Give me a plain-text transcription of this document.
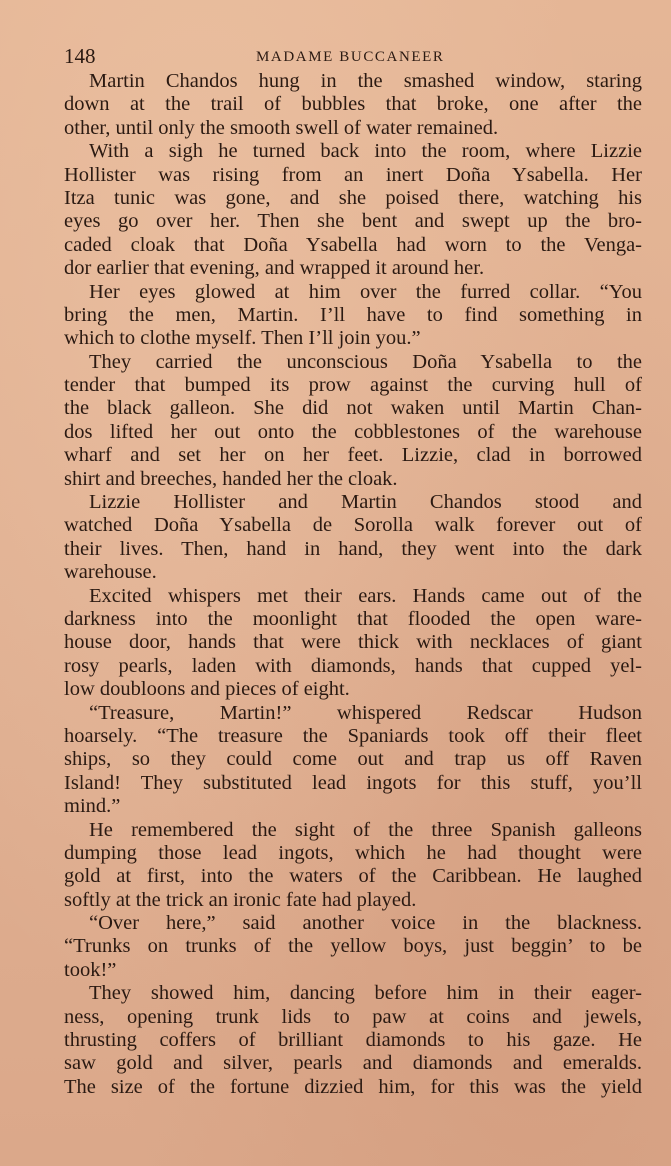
148	MADAME BUCCANEER
Martin Chandos hung in the smashed window, staring
down at the trail of bubbles that broke, one after the
other, until only the smooth swell of water remained.
With a sigh he turned back into the room, where Lizzie
Hollister was rising from an inert Doña Ysabella. Her
Itza tunic was gone, and she poised there, watching his
eyes go over her. Then she bent and swept up the bro-
caded cloak that Doña Ysabella had worn to the Venga-
dor earlier that evening, and wrapped it around her.
Her eyes glowed at him over the furred collar. “You
bring the men, Martin. I’ll have to find something in
which to clothe myself. Then I’ll join you.”
They carried the unconscious Doña Ysabella to the
tender that bumped its prow against the curving hull of
the black galleon. She did not waken until Martin Chan-
dos lifted her out onto the cobblestones of the warehouse
wharf and set her on her feet. Lizzie, clad in borrowed
shirt and breeches, handed her the cloak.
Lizzie Hollister and Martin Chandos stood and
watched Doña Ysabella de Sorolla walk forever out of
their lives. Then, hand in hand, they went into the dark
warehouse.
Excited whispers met their ears. Hands came out of the
darkness into the moonlight that flooded the open ware-
house door, hands that were thick with necklaces of giant
rosy pearls, laden with diamonds, hands that cupped yel-
low doubloons and pieces of eight.
“Treasure, Martin!” whispered Redscar Hudson
hoarsely. “The treasure the Spaniards took off their fleet
ships, so they could come out and trap us off Raven
Island! They substituted lead ingots for this stuff, you’ll
mind.”
He remembered the sight of the three Spanish galleons
dumping those lead ingots, which he had thought were
gold at first, into the waters of the Caribbean. He laughed
softly at the trick an ironic fate had played.
“Over here,” said another voice in the blackness.
“Trunks on trunks of the yellow boys, just beggin’ to be
took!”
They showed him, dancing before him in their eager-
ness, opening trunk lids to paw at coins and jewels,
thrusting coffers of brilliant diamonds to his gaze. He
saw gold and silver, pearls and diamonds and emeralds.
The size of the fortune dizzied him, for this was the yield
